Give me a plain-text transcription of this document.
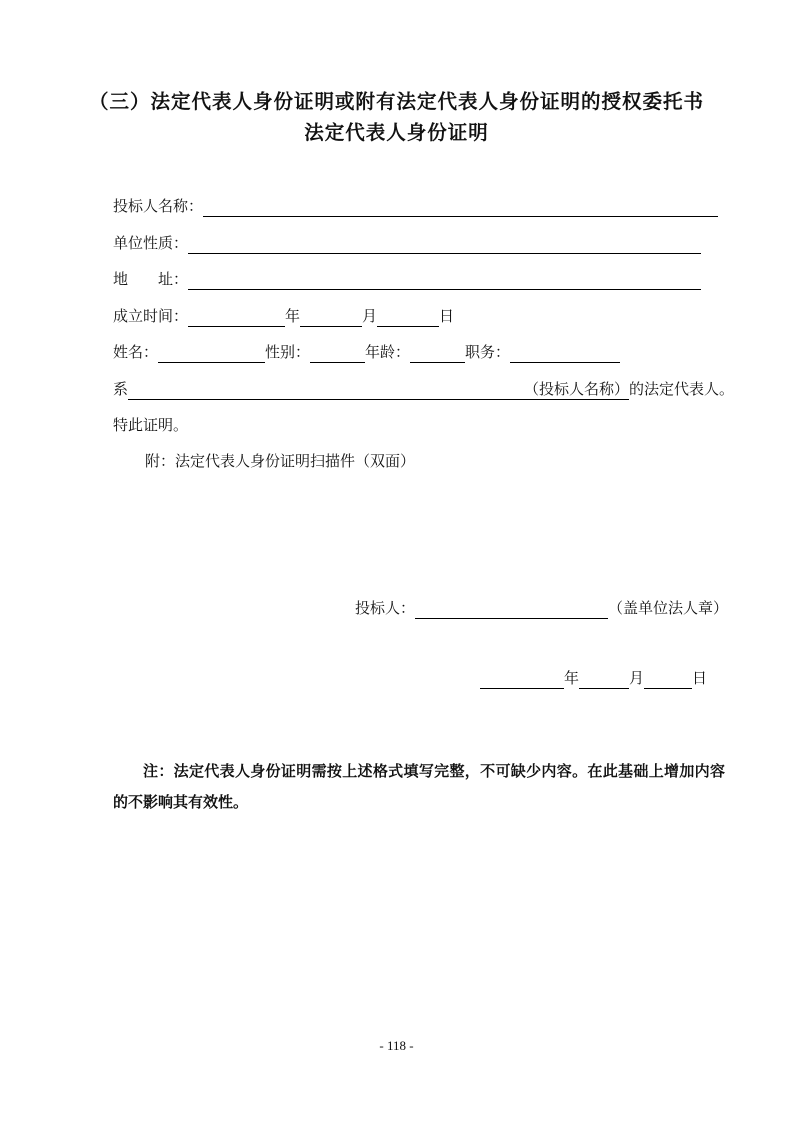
（三）法定代表人身份证明或附有法定代表人身份证明的授权委托书
法定代表人身份证明
投标人名称：
单位性质：
地　　址：
成立时间：	年	月	日
姓名：	性别：	年龄：	职务：
系	（投标人名称） 的法定代表人。
特此证明。
附：法定代表人身份证明扫描件（双面）
投标人：	（盖单位法人章）
年	月	日
注：法定代表人身份证明需按上述格式填写完整，不可缺少内容。在此基础上增加内容的不影响其有效性。
- 118 -
